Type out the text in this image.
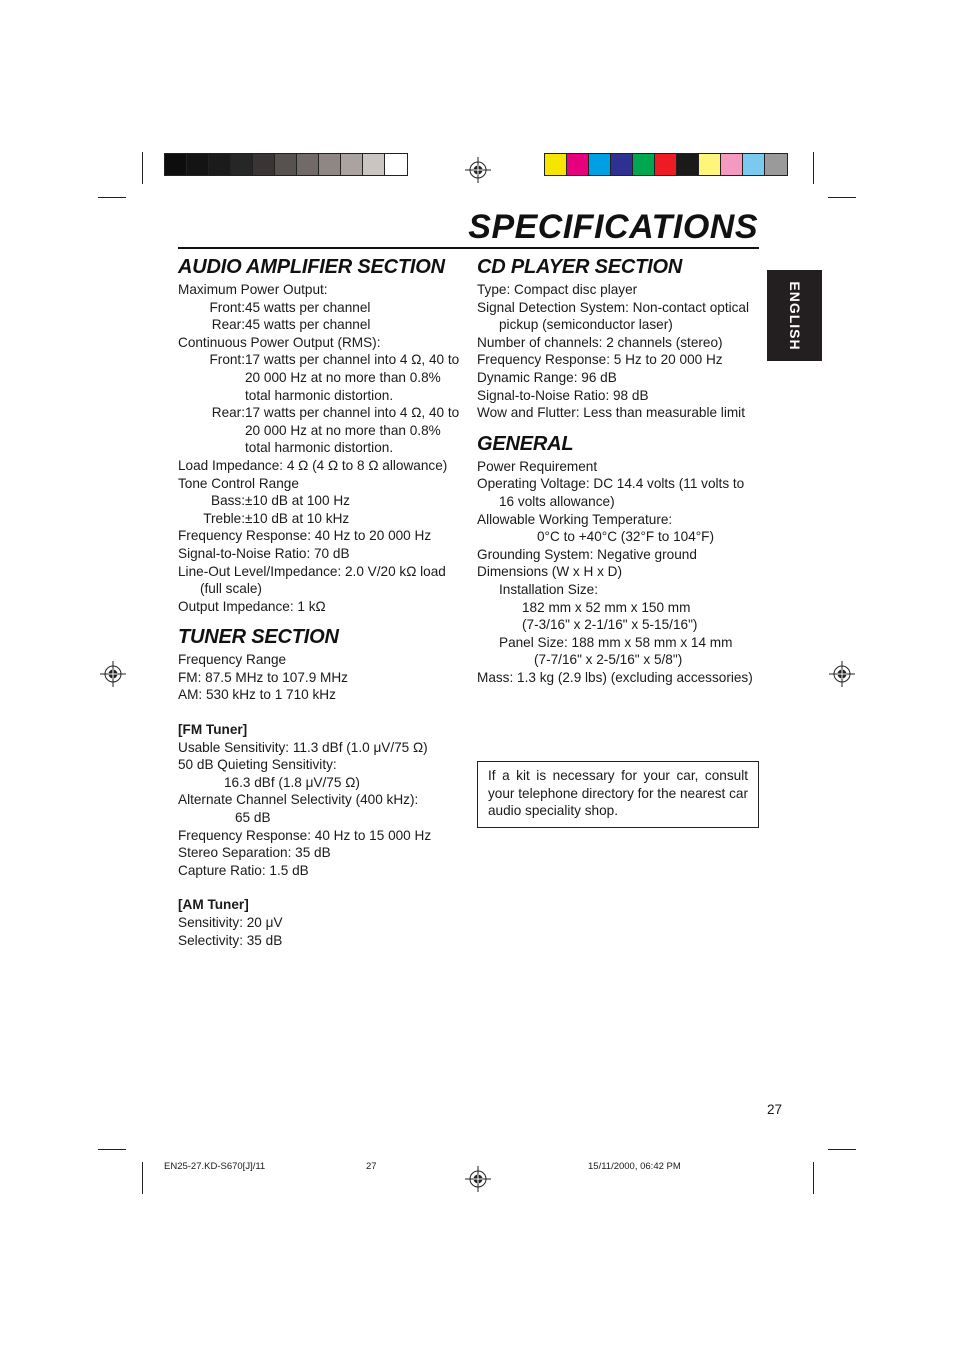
SPECIFICATIONS
ENGLISH
AUDIO AMPLIFIER SECTION
Maximum Power Output:
Front: 45 watts per channel
Rear: 45 watts per channel
Continuous Power Output (RMS):
Front: 17 watts per channel into 4 Ω, 40 to 20 000 Hz at no more than 0.8% total harmonic distortion.
Rear: 17 watts per channel into 4 Ω, 40 to 20 000 Hz at no more than 0.8% total harmonic distortion.
Load Impedance: 4 Ω (4 Ω to 8 Ω allowance)
Tone Control Range
Bass: ±10 dB at 100 Hz
Treble: ±10 dB at 10 kHz
Frequency Response: 40 Hz to 20 000 Hz
Signal-to-Noise Ratio: 70 dB
Line-Out Level/Impedance: 2.0 V/20 kΩ load
(full scale)
Output Impedance: 1 kΩ
TUNER SECTION
Frequency Range
FM: 87.5 MHz to 107.9 MHz
AM: 530 kHz to 1 710 kHz
[FM Tuner]
Usable Sensitivity: 11.3 dBf (1.0 μV/75 Ω)
50 dB Quieting Sensitivity:
16.3 dBf (1.8 μV/75 Ω)
Alternate Channel Selectivity (400 kHz):
65 dB
Frequency Response: 40 Hz to 15 000 Hz
Stereo Separation: 35 dB
Capture Ratio: 1.5 dB
[AM Tuner]
Sensitivity: 20 μV
Selectivity: 35 dB
CD PLAYER SECTION
Type: Compact disc player
Signal Detection System: Non-contact optical
pickup (semiconductor laser)
Number of channels: 2 channels (stereo)
Frequency Response: 5 Hz to 20 000 Hz
Dynamic Range: 96 dB
Signal-to-Noise Ratio: 98 dB
Wow and Flutter: Less than measurable limit
GENERAL
Power Requirement
Operating Voltage: DC 14.4 volts (11 volts to
16 volts allowance)
Allowable Working Temperature:
0°C to +40°C (32°F to 104°F)
Grounding System: Negative ground
Dimensions (W x H x D)
Installation Size:
182 mm x 52 mm x 150 mm
(7-3/16" x 2-1/16" x 5-15/16")
Panel Size: 188 mm x 58 mm x 14 mm
(7-7/16" x 2-5/16" x 5/8")
Mass: 1.3 kg (2.9 lbs) (excluding accessories)
If a kit is necessary for your car, consult your telephone directory for the nearest car audio speciality shop.
27
EN25-27.KD-S670[J]/11	27	15/11/2000, 06:42 PM
